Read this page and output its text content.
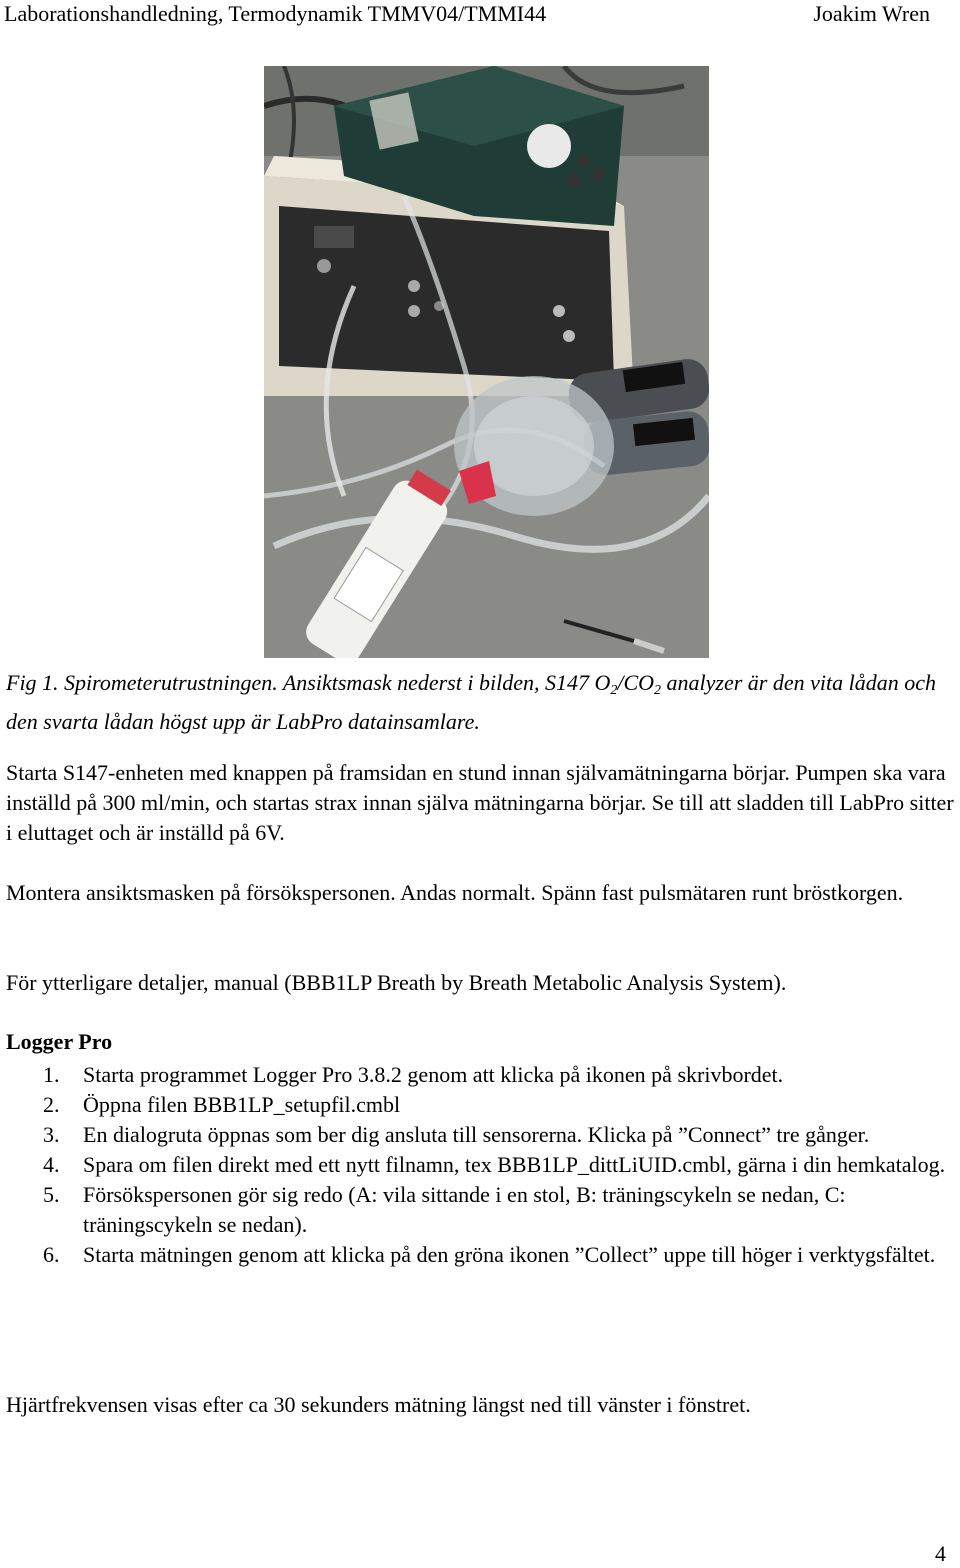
Laborationshandledning, Termodynamik TMMV04/TMMI44	Joakim Wren
Fig 1. Spirometerutrustningen. Ansiktsmask nederst i bilden, S147 $O_2/CO_2$ analyzer är den vita lådan och den svarta lådan högst upp är LabPro datainsamlare.

Starta S147-enheten med knappen på framsidan en stund innan självamätningarna börjar. Pumpen ska vara inställd på 300 ml/min, och startas strax innan själva mätningarna börjar. Se till att sladden till LabPro sitter i eluttaget och är inställd på 6V.

Montera ansiktsmasken på försökspersonen. Andas normalt. Spänn fast pulsmätaren runt bröstkorgen.

För ytterligare detaljer, manual (BBB1LP Breath by Breath Metabolic Analysis System).

Logger Pro
1. Starta programmet Logger Pro 3.8.2 genom att klicka på ikonen på skrivbordet.
2. Öppna filen BBB1LP_setupfil.cmbl
3. En dialogruta öppnas som ber dig ansluta till sensorerna. Klicka på ”Connect” tre gånger.
4. Spara om filen direkt med ett nytt filnamn, tex BBB1LP_dittLiUID.cmbl, gärna i din hemkatalog.
5. Försökspersonen gör sig redo (A: vila sittande i en stol, B: träningscykeln se nedan, C: träningscykeln se nedan).
6. Starta mätningen genom att klicka på den gröna ikonen ”Collect” uppe till höger i verktygsfältet.

Hjärtfrekvensen visas efter ca 30 sekunders mätning längst ned till vänster i fönstret.

4
